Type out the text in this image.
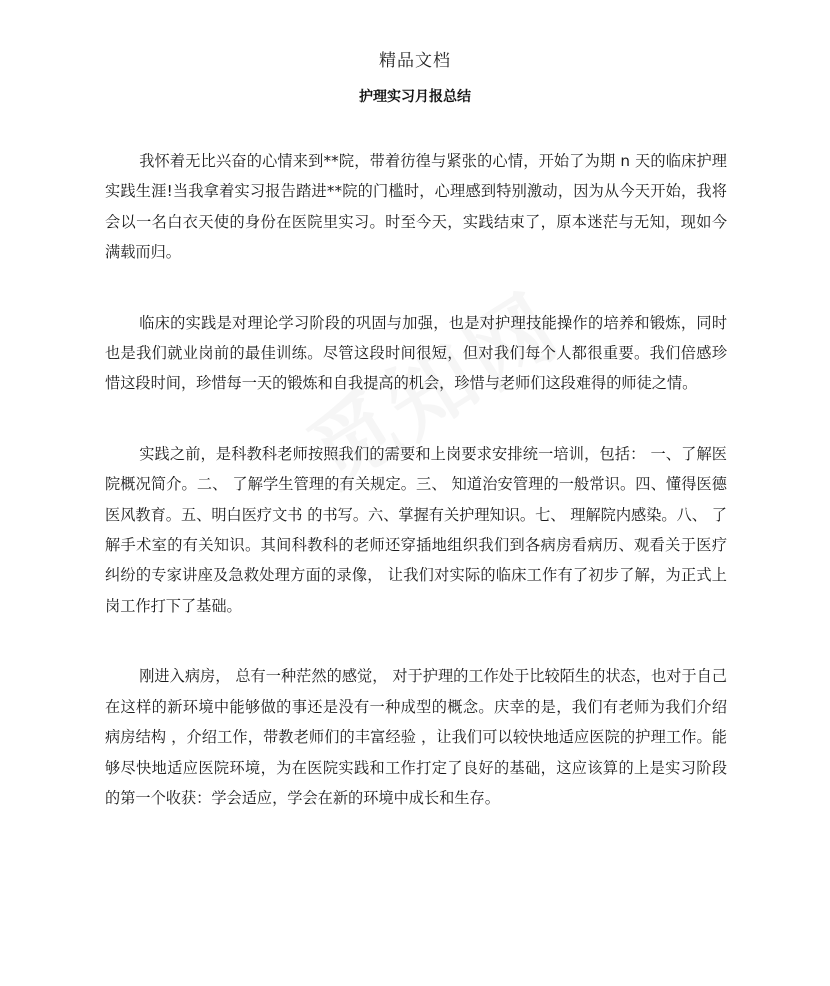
精品文档
护理实习月报总结

我怀着无比兴奋的心情来到**院，带着彷徨与紧张的心情，开始了为期 n 天的临床护理实践生涯!当我拿着实习报告踏进**院的门槛时，心理感到特别激动，因为从今天开始，我将会以一名白衣天使的身份在医院里实习。时至今天，实践结束了，原本迷茫与无知，现如今满载而归。

临床的实践是对理论学习阶段的巩固与加强，也是对护理技能操作的培养和锻炼，同时也是我们就业岗前的最佳训练。尽管这段时间很短，但对我们每个人都很重要。我们倍感珍惜这段时间，珍惜每一天的锻炼和自我提高的机会，珍惜与老师们这段难得的师徒之情。

实践之前，是科教科老师按照我们的需要和上岗要求安排统一培训，包括： 一、了解医院概况简介。二、 了解学生管理的有关规定。三、 知道治安管理的一般常识。四、懂得医德医风教育。五、明白医疗文书 的书写。六、掌握有关护理知识。七、 理解院内感染。八、 了解手术室的有关知识。其间科教科的老师还穿插地组织我们到各病房看病历、观看关于医疗纠纷的专家讲座及急救处理方面的录像， 让我们对实际的临床工作有了初步了解，为正式上岗工作打下了基础。

刚进入病房， 总有一种茫然的感觉， 对于护理的工作处于比较陌生的状态，也对于自己在这样的新环境中能够做的事还是没有一种成型的概念。庆幸的是，我们有老师为我们介绍病房结构 ，介绍工作，带教老师们的丰富经验 ，让我们可以较快地适应医院的护理工作。能够尽快地适应医院环境，为在医院实践和工作打定了良好的基础，这应该算的上是实习阶段的第一个收获：学会适应，学会在新的环境中成长和生存。
